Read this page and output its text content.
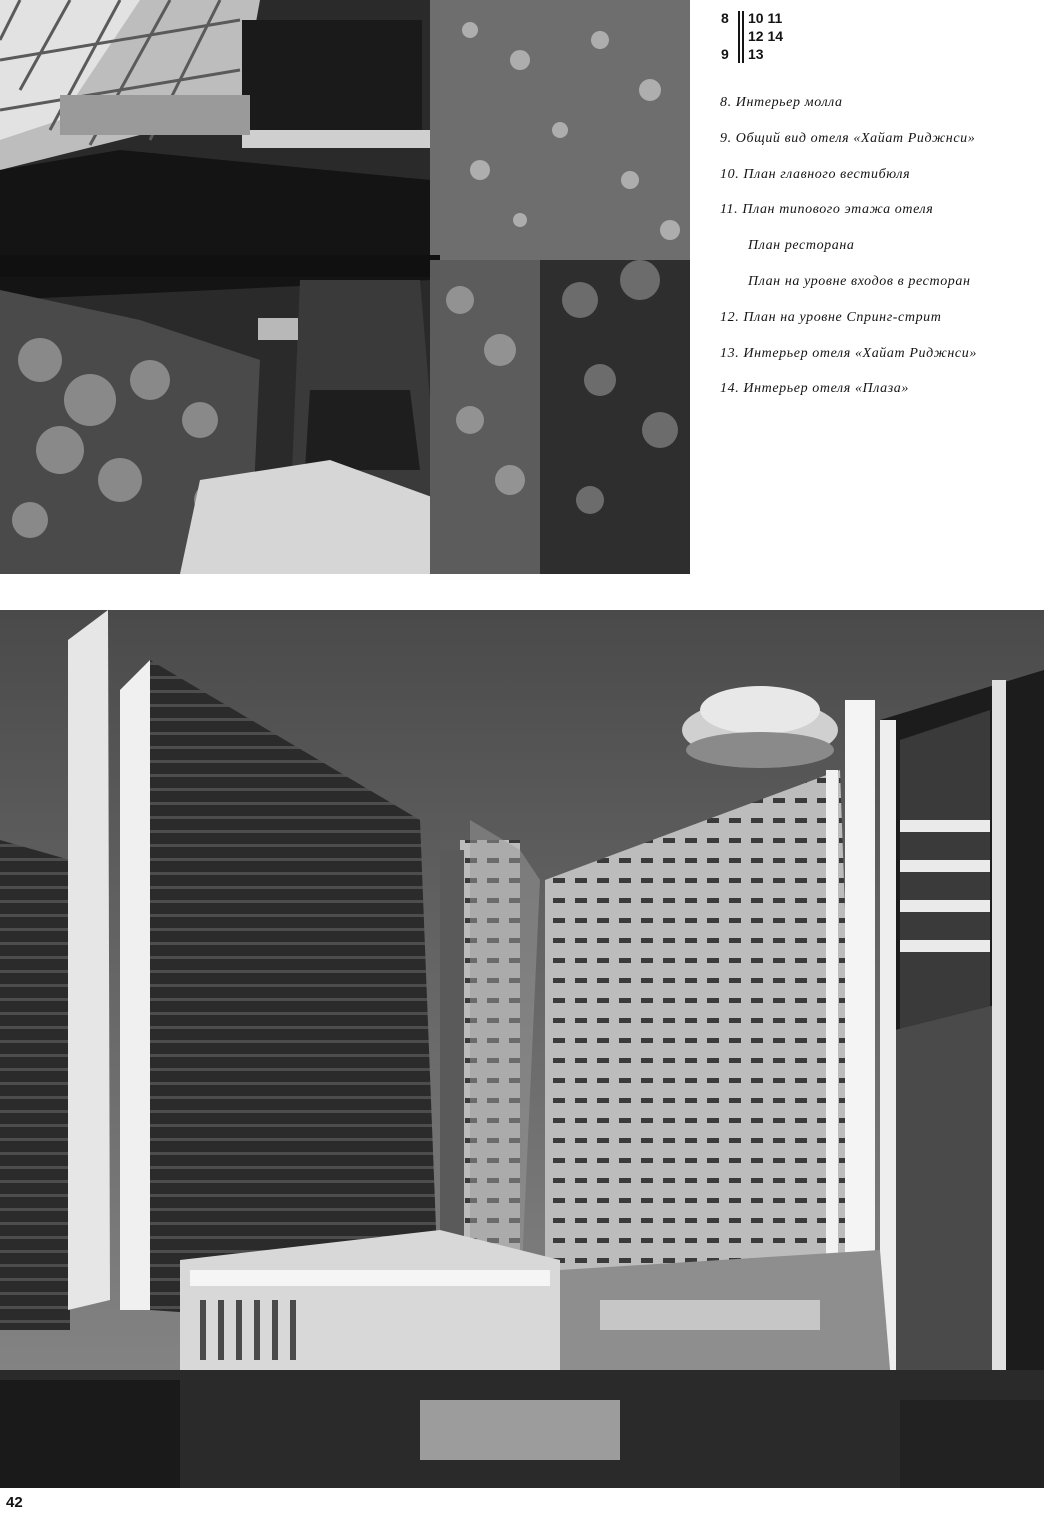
8
9
10 11
12 14
13
8. Интерьер молла
9. Общий вид отеля «Хайат Риджнси»
10. План главного вестибюля
11. План типового этажа отеля
План ресторана
План на уровне входов в ресторан
12. План на уровне Спринг-стрит
13. Интерьер отеля «Хайат Риджнси»
14. Интерьер отеля «Плаза»
42
